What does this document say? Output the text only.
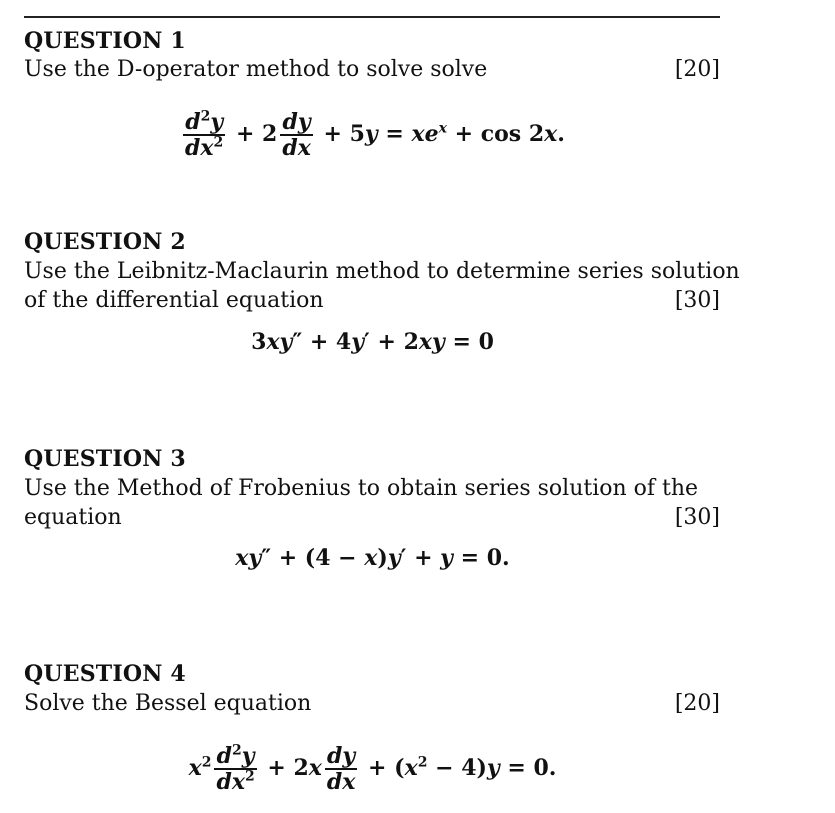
QUESTION 1
Use the D-operator method to solve solve	[20]
$\frac{d^2y}{dx^2} + 2 \frac{dy}{dx} + 5y = xe^x + \cos 2x$.
QUESTION 2
Use the Leibnitz-Maclaurin method to determine series solution
of the differential equation	[30]
3xy″ + 4y′ + 2xy = 0
QUESTION 3
Use the Method of Frobenius to obtain series solution of the
equation	[30]
xy″ + (4 − x)y′ + y = 0.
QUESTION 4
Solve the Bessel equation	[20]
$x^2 \frac{d^2y}{dx^2} + 2x \frac{dy}{dx} + (x^2 - 4)y = 0$.
